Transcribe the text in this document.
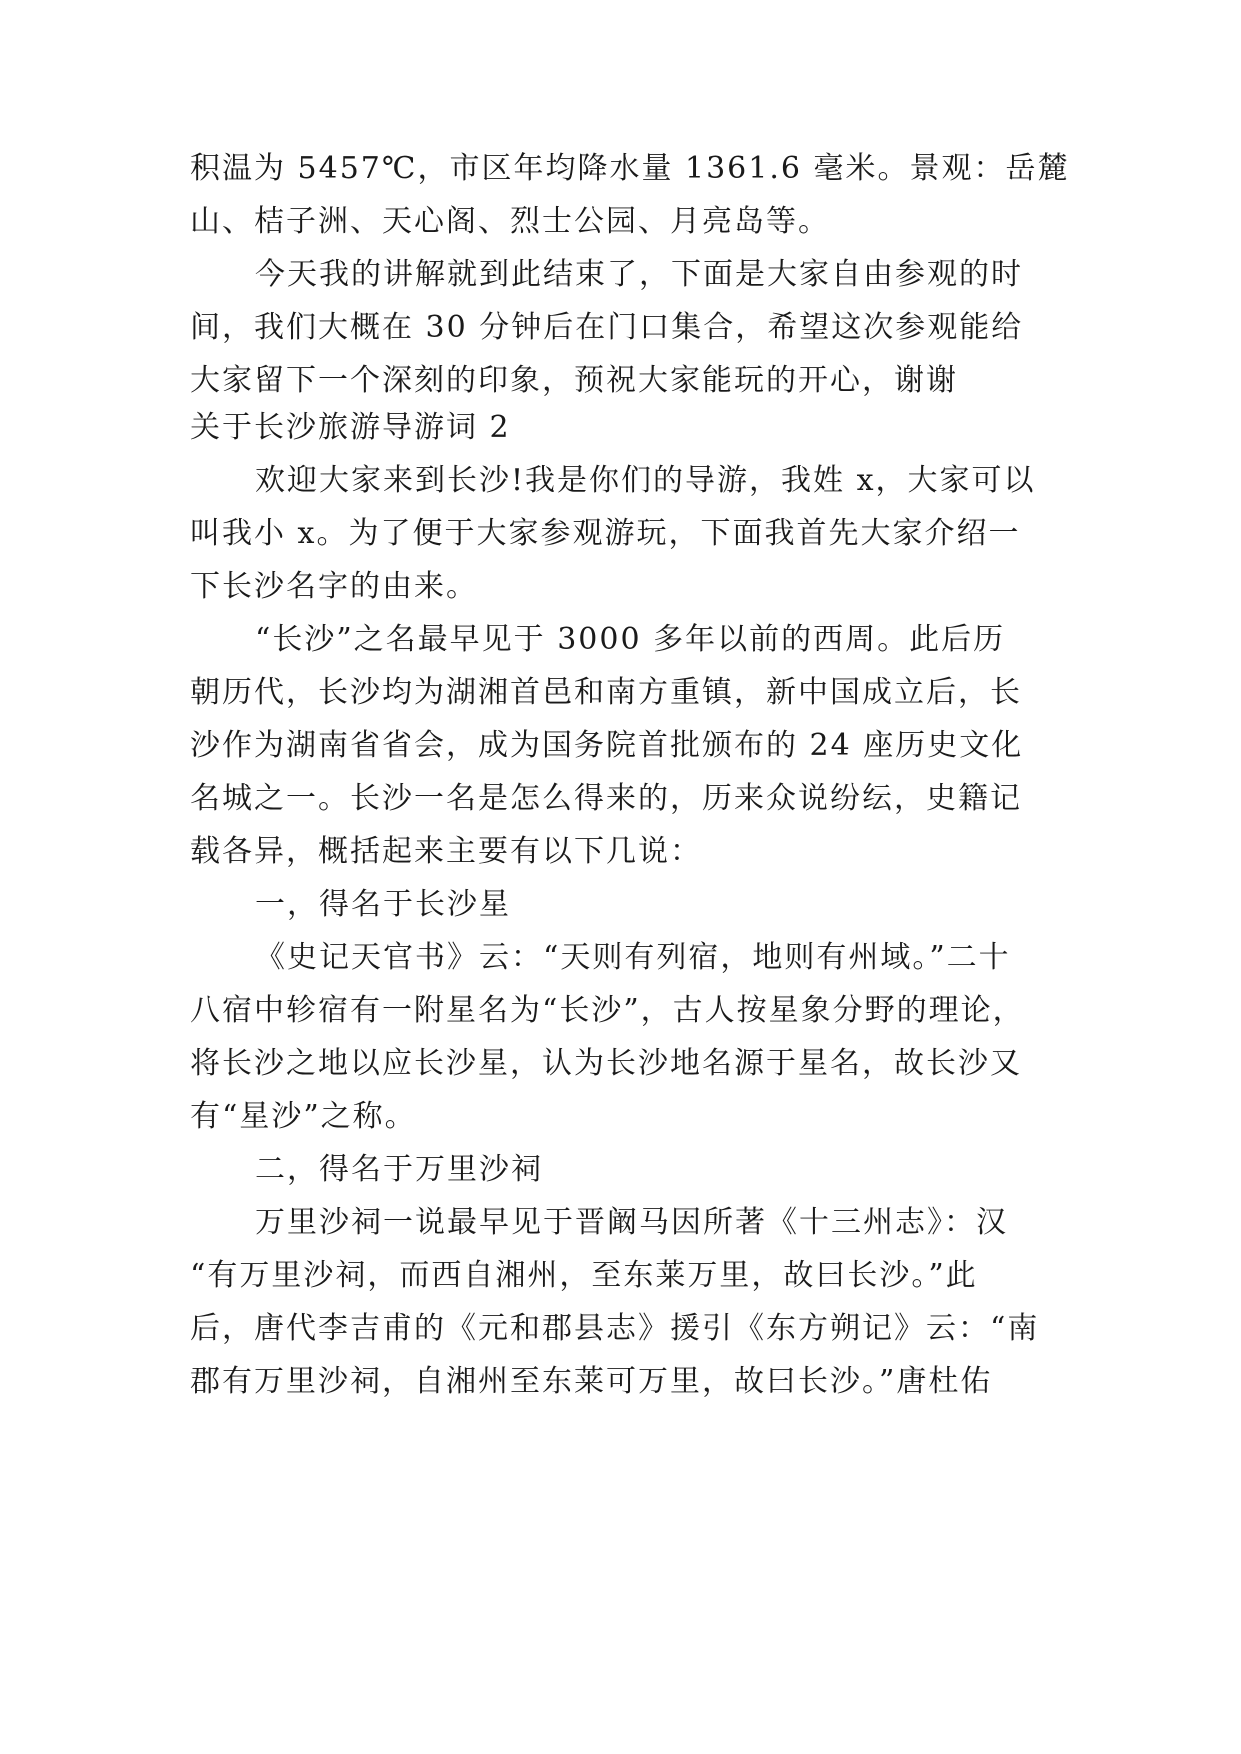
积温为 5457℃，市区年均降水量 1361.6 毫米。景观：岳麓
山、桔子洲、天心阁、烈士公园、月亮岛等。
今天我的讲解就到此结束了，下面是大家自由参观的时
间，我们大概在 30 分钟后在门口集合，希望这次参观能给
大家留下一个深刻的印象，预祝大家能玩的开心，谢谢
关于长沙旅游导游词 2
欢迎大家来到长沙!我是你们的导游，我姓 x，大家可以
叫我小 x。为了便于大家参观游玩，下面我首先大家介绍一
下长沙名字的由来。
“长沙”之名最早见于 3000 多年以前的西周。此后历
朝历代，长沙均为湖湘首邑和南方重镇，新中国成立后，长
沙作为湖南省省会，成为国务院首批颁布的 24 座历史文化
名城之一。长沙一名是怎么得来的，历来众说纷纭，史籍记
载各异，概括起来主要有以下几说：
一，得名于长沙星
《史记天官书》云：“天则有列宿，地则有州域。”二十
八宿中轸宿有一附星名为“长沙”，古人按星象分野的理论，
将长沙之地以应长沙星，认为长沙地名源于星名，故长沙又
有“星沙”之称。
二，得名于万里沙祠
万里沙祠一说最早见于晋阚马因所著《十三州志》：汉
“有万里沙祠，而西自湘州，至东莱万里，故曰长沙。”此
后，唐代李吉甫的《元和郡县志》援引《东方朔记》云：“南
郡有万里沙祠，自湘州至东莱可万里，故曰长沙。”唐杜佑
